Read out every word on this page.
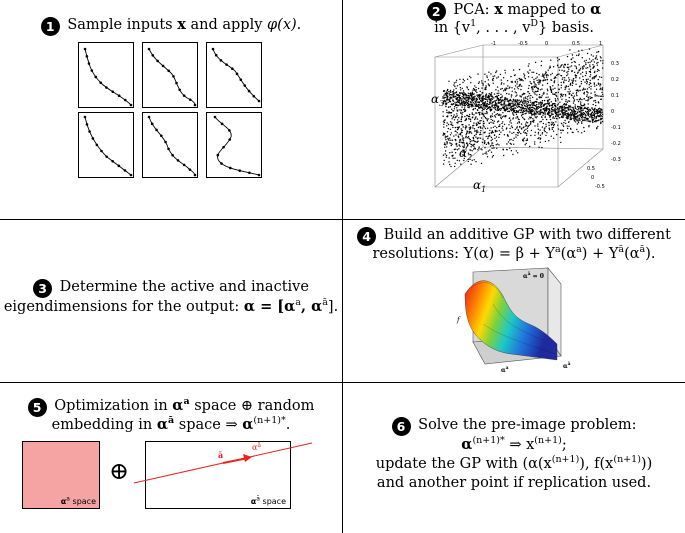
1 Sample inputs x and apply φ(x).
2 PCA: x mapped to α
in {$v^1$, . . . , $v^D$} basis.
$\alpha_3$
$\alpha_2$
$\alpha_1$
-1	-0.5	0	0.5	1
0.3
0.2
0.1
0
-0.1
-0.2
-0.3
0.5
0
-0.5
3 Determine the active and inactive
eigendimensions for the output: $\alpha = [\alpha^a$, $\alpha^ā$].
4 Build an additive GP with two different
resolutions: $Y(\alpha) = \beta + Y^a(\alpha^a) + Y^ā(\alpha^ā)$.
f
$\alpha^ā = 0$
$\alpha^a$	$\alpha^ā$
5 Optimization in $\alpha^a$ space ⊕ random
embedding in $\alpha^ā$ space ⇒ $\alpha^{(n+1)*}$.
$\alpha^a$ space
⊕
$\alpha^ā$ space
ā
$\alpha^ā$
6 Solve the pre-image problem:
$\alpha^{(n+1)*}$ ⇒ $x^{(n+1)}$;
update the GP with ($\alpha(x^{(n+1)})$, $f(x^{(n+1)})$)
and another point if replication used.
